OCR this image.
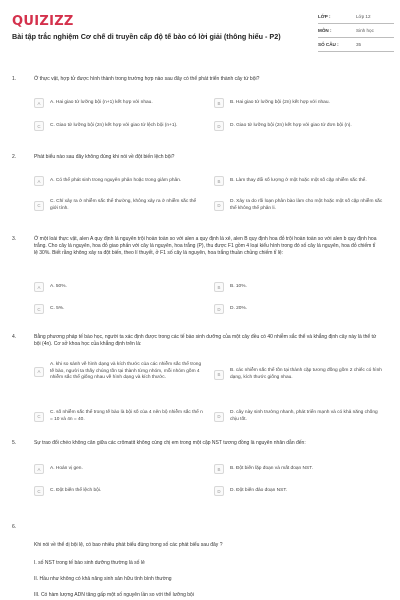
QUIZIZZ
Bài tập trắc nghiệm Cơ chế di truyền cấp độ tế bào có lời giải (thông hiểu - P2)
LỚP :	Lớp 12
MÔN :	Sinh học
SỐ CÂU :	35
1.	Ở thực vật, hợp tử được hình thành trong trường hợp nào sau đây có thể phát triển thành cây tứ bội?
A	A. Hai giao tử lưỡng bội (n+1) kết hợp với nhau.	B	B. Hai giao tử lưỡng bội (2n) kết hợp với nhau.
C	C. Giao tử lưỡng bội (2n) kết hợp với giao tử lệch bội (n+1).	D	D. Giao tử lưỡng bội (2n) kết hợp với giao tử đơn bội (n).
2.	Phát biểu nào sau đây không đúng khi nói về đột biến lệch bội?
A	A. Có thể phát sinh trong nguyên phân hoặc trong giảm phân.	B	B. Làm thay đổi số lượng ở một hoặc một số cặp nhiễm sắc thể.
C
C. Chỉ xảy ra ở nhiễm sắc thể thường, không xảy ra ở nhiễm sắc thể giới tính.	D
D. Xảy ra do rối loạn phân bào làm cho một hoặc một số cặp nhiễm sắc thể không thể phân li.
3.	Ở một loài thực vật, alen A quy định lá nguyên trội hoàn toàn so với alen a quy định lá xẻ, alen B quy định hoa đỏ trội hoàn toàn so với alen b quy định hoa trắng. Cho cây lá nguyên, hoa đỏ giao phấn với cây lá nguyên, hoa trắng (P), thu được F1 gồm 4 loại kiểu hình trong đó số cây lá nguyên, hoa đỏ chiếm tỉ lệ 30%. Biết rằng không xảy ra đột biến, theo lí thuyết, ở F1 số cây lá nguyên, hoa trắng thuần chủng chiếm tỉ lệ:
A	A. 50%.	B	B. 10%.
C	C. 5%.	D	D. 20%.
4.	Bằng phương pháp tế bào học, người ta xác định được trong các tế bào sinh dưỡng của một cây đều có 40 nhiễm sắc thể và khẳng định cây này là thể tứ bội (4n). Cơ sở khoa học của khẳng định trên là:
A
A. khi so sánh về hình dạng và kích thước của các nhiễm sắc thể trong tế bào, người ta thấy chúng tồn tại thành từng nhóm, mỗi nhóm gồm 4 nhiễm sắc thể giống nhau về hình dạng và kích thước.
B
B. các nhiễm sắc thể tồn tại thành cặp tương đồng gồm 2 chiếc có hình dạng, kích thước giống nhau.
C
C. số nhiễm sắc thể trong tế bào là bội số của 4 nên bộ nhiễm sắc thể n = 10 và 4n = 40.	D
D. cây này sinh trưởng nhanh, phát triển mạnh và có khả năng chống chịu tốt.
5.	Sự trao đổi chéo không cân giữa các crômatit không cùng chị em trong một cặp NST tương đồng là nguyên nhân dẫn đến:
A	A. Hoán vị gen.	B	B. Đột biến lặp đoạn và mất đoạn NST.
C	C. Đột biến thể lệch bội.	D	D. Đột biến đảo đoạn NST.
6.
Khi nói về thể dị bội lệ, có bao nhiêu phát biểu đúng trong số các phát biểu sau đây ?
I. số NST trong tế bào sinh dưỡng thường là số lẻ
II. Hầu như không có khả năng sinh sản hữu tính bình thường
III. Có hàm lượng ADN tăng gấp một số nguyên lần so với thể lưỡng bội
